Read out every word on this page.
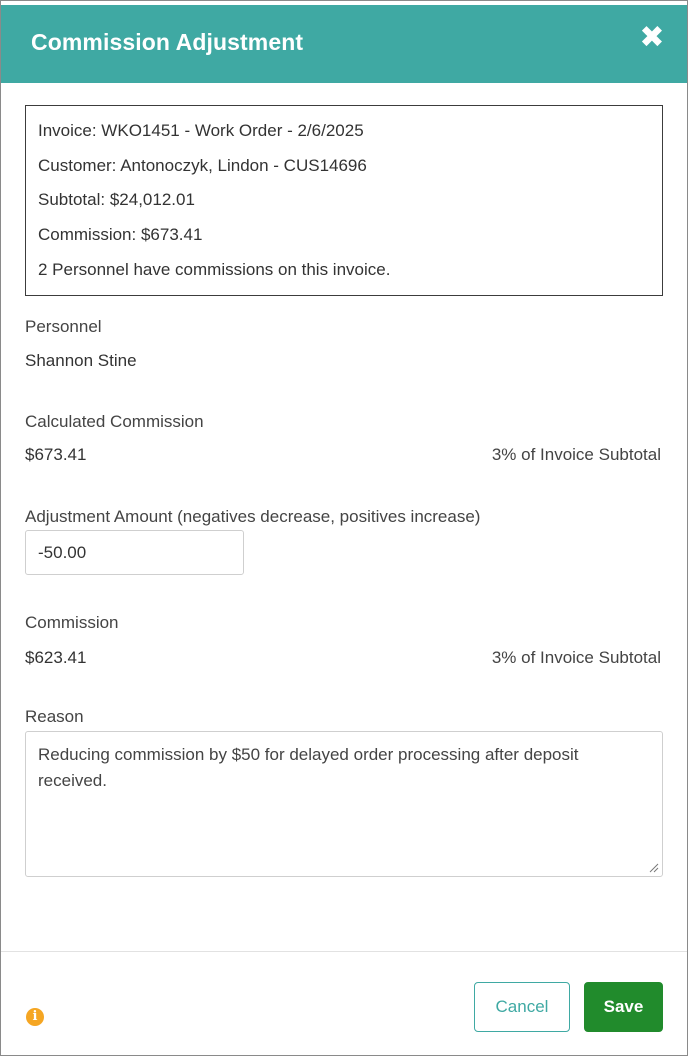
Commission Adjustment	✖
Invoice: WKO1451 - Work Order - 2/6/2025
Customer: Antonoczyk, Lindon - CUS14696
Subtotal: $24,012.01
Commission: $673.41
2 Personnel have commissions on this invoice.
Personnel
Shannon Stine
Calculated Commission
$673.41	3% of Invoice Subtotal
Adjustment Amount (negatives decrease, positives increase)
-50.00
Commission
$623.41	3% of Invoice Subtotal
Reason
Reducing commission by $50 for delayed order processing after deposit received.
i
Cancel	Save
